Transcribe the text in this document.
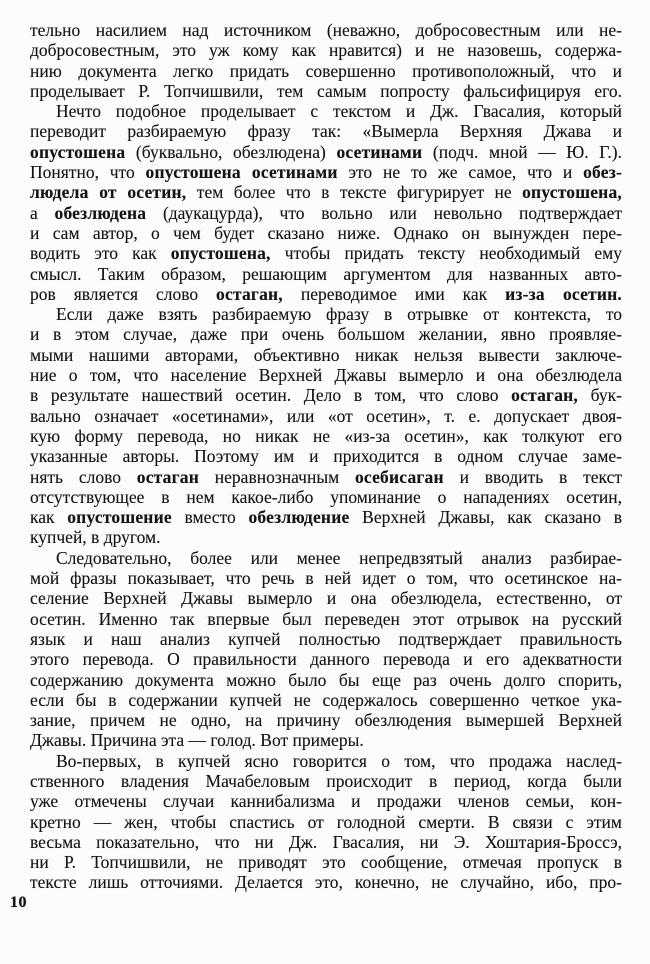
тельно насилием над источником (неважно, добросовестным или не-
добросовестным, это уж кому как нравится) и не назовешь, содержа-
нию документа легко придать совершенно противоположный, что и
проделывает Р. Топчишвили, тем самым попросту фальсифицируя его.
Нечто подобное проделывает с текстом и Дж. Гвасалия, который
переводит разбираемую фразу так: «Вымерла Верхняя Джава и
опустошена (буквально, обезлюдена) осетинами (подч. мной — Ю. Г.).
Понятно, что опустошена осетинами это не то же самое, что и обез-
людела от осетин, тем более что в тексте фигурирует не опустошена,
а обезлюдена (даукацурда), что вольно или невольно подтверждает
и сам автор, о чем будет сказано ниже. Однако он вынужден пере-
водить это как опустошена, чтобы придать тексту необходимый ему
смысл. Таким образом, решающим аргументом для названных авто-
ров является слово остаган, переводимое ими как из-за осетин.
Если даже взять разбираемую фразу в отрывке от контекста, то
и в этом случае, даже при очень большом желании, явно проявляе-
мыми нашими авторами, объективно никак нельзя вывести заключе-
ние о том, что население Верхней Джавы вымерло и она обезлюдела
в результате нашествий осетин. Дело в том, что слово остаган, бук-
вально означает «осетинами», или «от осетин», т. е. допускает двоя-
кую форму перевода, но никак не «из-за осетин», как толкуют его
указанные авторы. Поэтому им и приходится в одном случае заме-
нять слово остаган неравнозначным осебисаган и вводить в текст
отсутствующее в нем какое-либо упоминание о нападениях осетин,
как опустошение вместо обезлюдение Верхней Джавы, как сказано в
купчей, в другом.
Следовательно, более или менее непредвзятый анализ разбирае-
мой фразы показывает, что речь в ней идет о том, что осетинское на-
селение Верхней Джавы вымерло и она обезлюдела, естественно, от
осетин. Именно так впервые был переведен этот отрывок на русский
язык и наш анализ купчей полностью подтверждает правильность
этого перевода. О правильности данного перевода и его адекватности
содержанию документа можно было бы еще раз очень долго спорить,
если бы в содержании купчей не содержалось совершенно четкое ука-
зание, причем не одно, на причину обезлюдения вымершей Верхней
Джавы. Причина эта — голод. Вот примеры.
Во-первых, в купчей ясно говорится о том, что продажа наслед-
ственного владения Мачабеловым происходит в период, когда были
уже отмечены случаи каннибализма и продажи членов семьи, кон-
кретно — жен, чтобы спастись от голодной смерти. В связи с этим
весьма показательно, что ни Дж. Гвасалия, ни Э. Хоштария-Броссэ,
ни Р. Топчишвили, не приводят это сообщение, отмечая пропуск в
тексте лишь отточиями. Делается это, конечно, не случайно, ибо, про-
10
